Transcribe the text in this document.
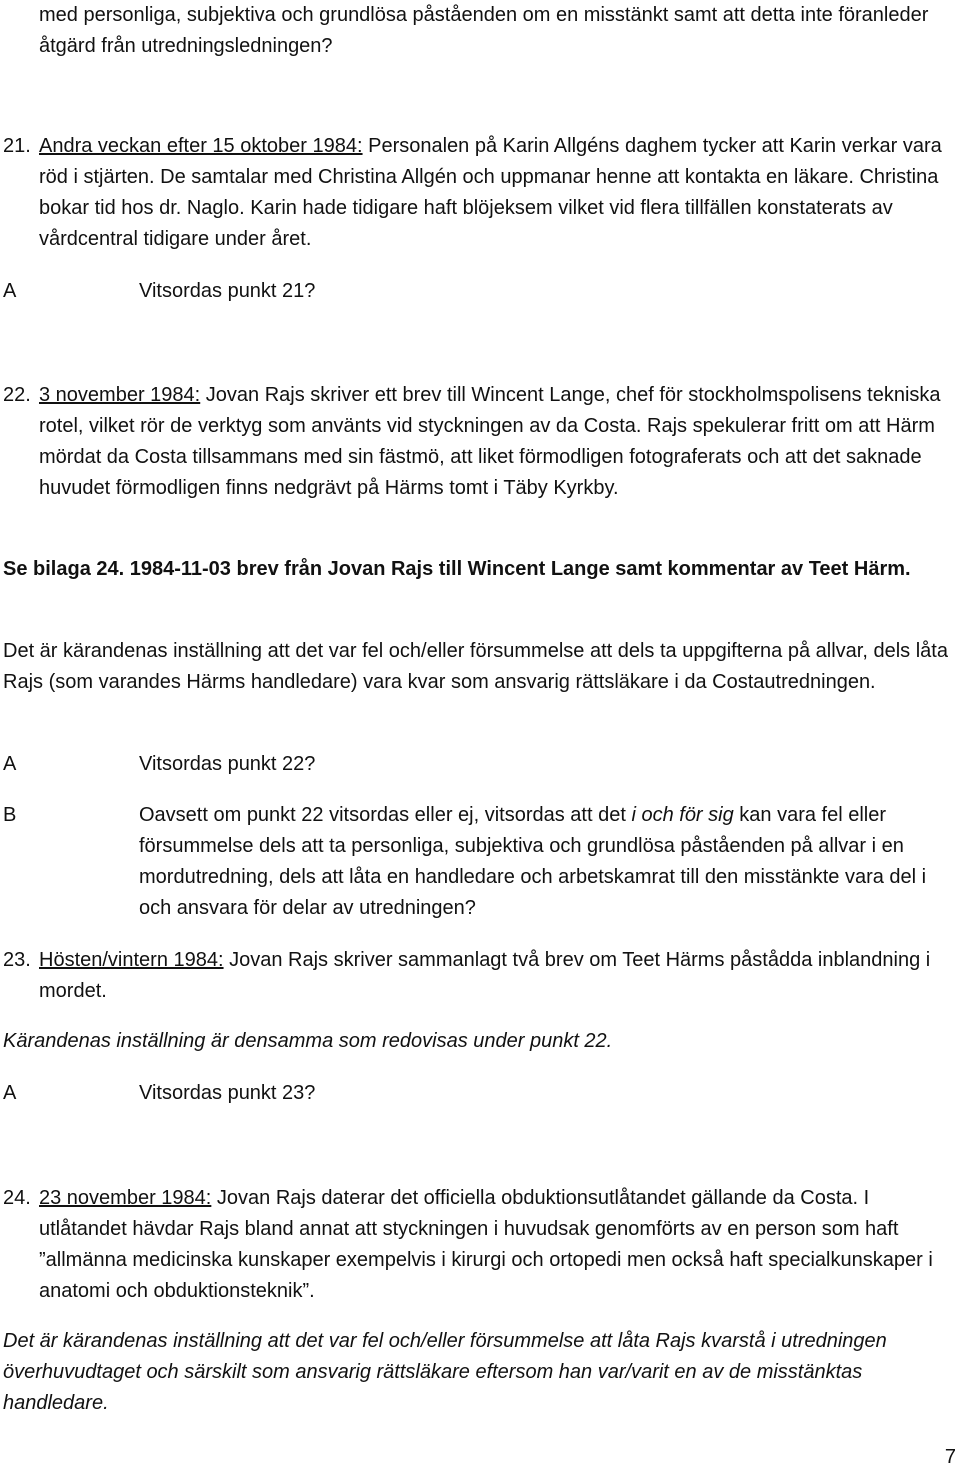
med personliga, subjektiva och grundlösa påståenden om en misstänkt samt att detta inte föranleder åtgärd från utredningsledningen?

21. Andra veckan efter 15 oktober 1984: Personalen på Karin Allgéns daghem tycker att Karin verkar vara röd i stjärten. De samtalar med Christina Allgén och uppmanar henne att kontakta en läkare. Christina bokar tid hos dr. Naglo. Karin hade tidigare haft blöjeksem vilket vid flera tillfällen konstaterats av vårdcentral tidigare under året.

A	Vitsordas punkt 21?
22. 3 november 1984: Jovan Rajs skriver ett brev till Wincent Lange, chef för stockholmspolisens tekniska rotel, vilket rör de verktyg som använts vid styckningen av da Costa. Rajs spekulerar fritt om att Härm mördat da Costa tillsammans med sin fästmö, att liket förmodligen fotograferats och att det saknade huvudet förmodligen finns nedgrävt på Härms tomt i Täby Kyrkby.

Se bilaga 24. 1984-11-03 brev från Jovan Rajs till Wincent Lange samt kommentar av Teet Härm.

Det är kärandenas inställning att det var fel och/eller försummelse att dels ta uppgifterna på allvar, dels låta Rajs (som varandes Härms handledare) vara kvar som ansvarig rättsläkare i da Costautredningen.

A	Vitsordas punkt 22?
B	Oavsett om punkt 22 vitsordas eller ej, vitsordas att det i och för sig kan vara fel eller försummelse dels att ta personliga, subjektiva och grundlösa påståenden på allvar i en mordutredning, dels att låta en handledare och arbetskamrat till den misstänkte vara del i och ansvara för delar av utredningen?

23. Hösten/vintern 1984: Jovan Rajs skriver sammanlagt två brev om Teet Härms påstådda inblandning i mordet.

Kärandenas inställning är densamma som redovisas under punkt 22.

A	Vitsordas punkt 23?
24. 23 november 1984: Jovan Rajs daterar det officiella obduktionsutlåtandet gällande da Costa. I utlåtandet hävdar Rajs bland annat att styckningen i huvudsak genomförts av en person som haft ”allmänna medicinska kunskaper exempelvis i kirurgi och ortopedi men också haft specialkunskaper i anatomi och obduktionsteknik”.

Det är kärandenas inställning att det var fel och/eller försummelse att låta Rajs kvarstå i utredningen överhuvudtaget och särskilt som ansvarig rättsläkare eftersom han var/varit en av de misstänktas handledare.

7
